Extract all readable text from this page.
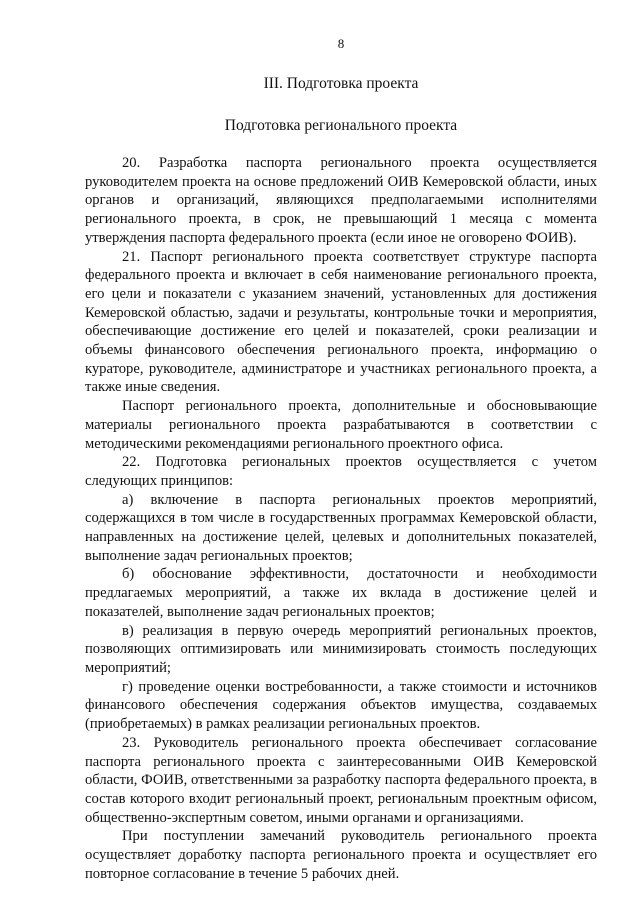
8
III. Подготовка проекта
Подготовка регионального проекта

20. Разработка паспорта регионального проекта осуществляется руководителем проекта на основе предложений ОИВ Кемеровской области, иных органов и организаций, являющихся предполагаемыми исполнителями регионального проекта, в срок, не превышающий 1 месяца с момента утверждения паспорта федерального проекта (если иное не оговорено ФОИВ).

21. Паспорт регионального проекта соответствует структуре паспорта федерального проекта и включает в себя наименование регионального проекта, его цели и показатели с указанием значений, установленных для достижения Кемеровской областью, задачи и результаты, контрольные точки и мероприятия, обеспечивающие достижение его целей и показателей, сроки реализации и объемы финансового обеспечения регионального проекта, информацию о кураторе, руководителе, администраторе и участниках регионального проекта, а также иные сведения.

Паспорт регионального проекта, дополнительные и обосновывающие материалы регионального проекта разрабатываются в соответствии с методическими рекомендациями регионального проектного офиса.

22. Подготовка региональных проектов осуществляется с учетом следующих принципов:

а) включение в паспорта региональных проектов мероприятий, содержащихся в том числе в государственных программах Кемеровской области, направленных на достижение целей, целевых и дополнительных показателей, выполнение задач региональных проектов;

б) обоснование эффективности, достаточности и необходимости предлагаемых мероприятий, а также их вклада в достижение целей и показателей, выполнение задач региональных проектов;

в) реализация в первую очередь мероприятий региональных проектов, позволяющих оптимизировать или минимизировать стоимость последующих мероприятий;

г) проведение оценки востребованности, а также стоимости и источников финансового обеспечения содержания объектов имущества, создаваемых (приобретаемых) в рамках реализации региональных проектов.

23. Руководитель регионального проекта обеспечивает согласование паспорта регионального проекта с заинтересованными ОИВ Кемеровской области, ФОИВ, ответственными за разработку паспорта федерального проекта, в состав которого входит региональный проект, региональным проектным офисом, общественно-экспертным советом, иными органами и организациями.

При поступлении замечаний руководитель регионального проекта осуществляет доработку паспорта регионального проекта и осуществляет его повторное согласование в течение 5 рабочих дней.
